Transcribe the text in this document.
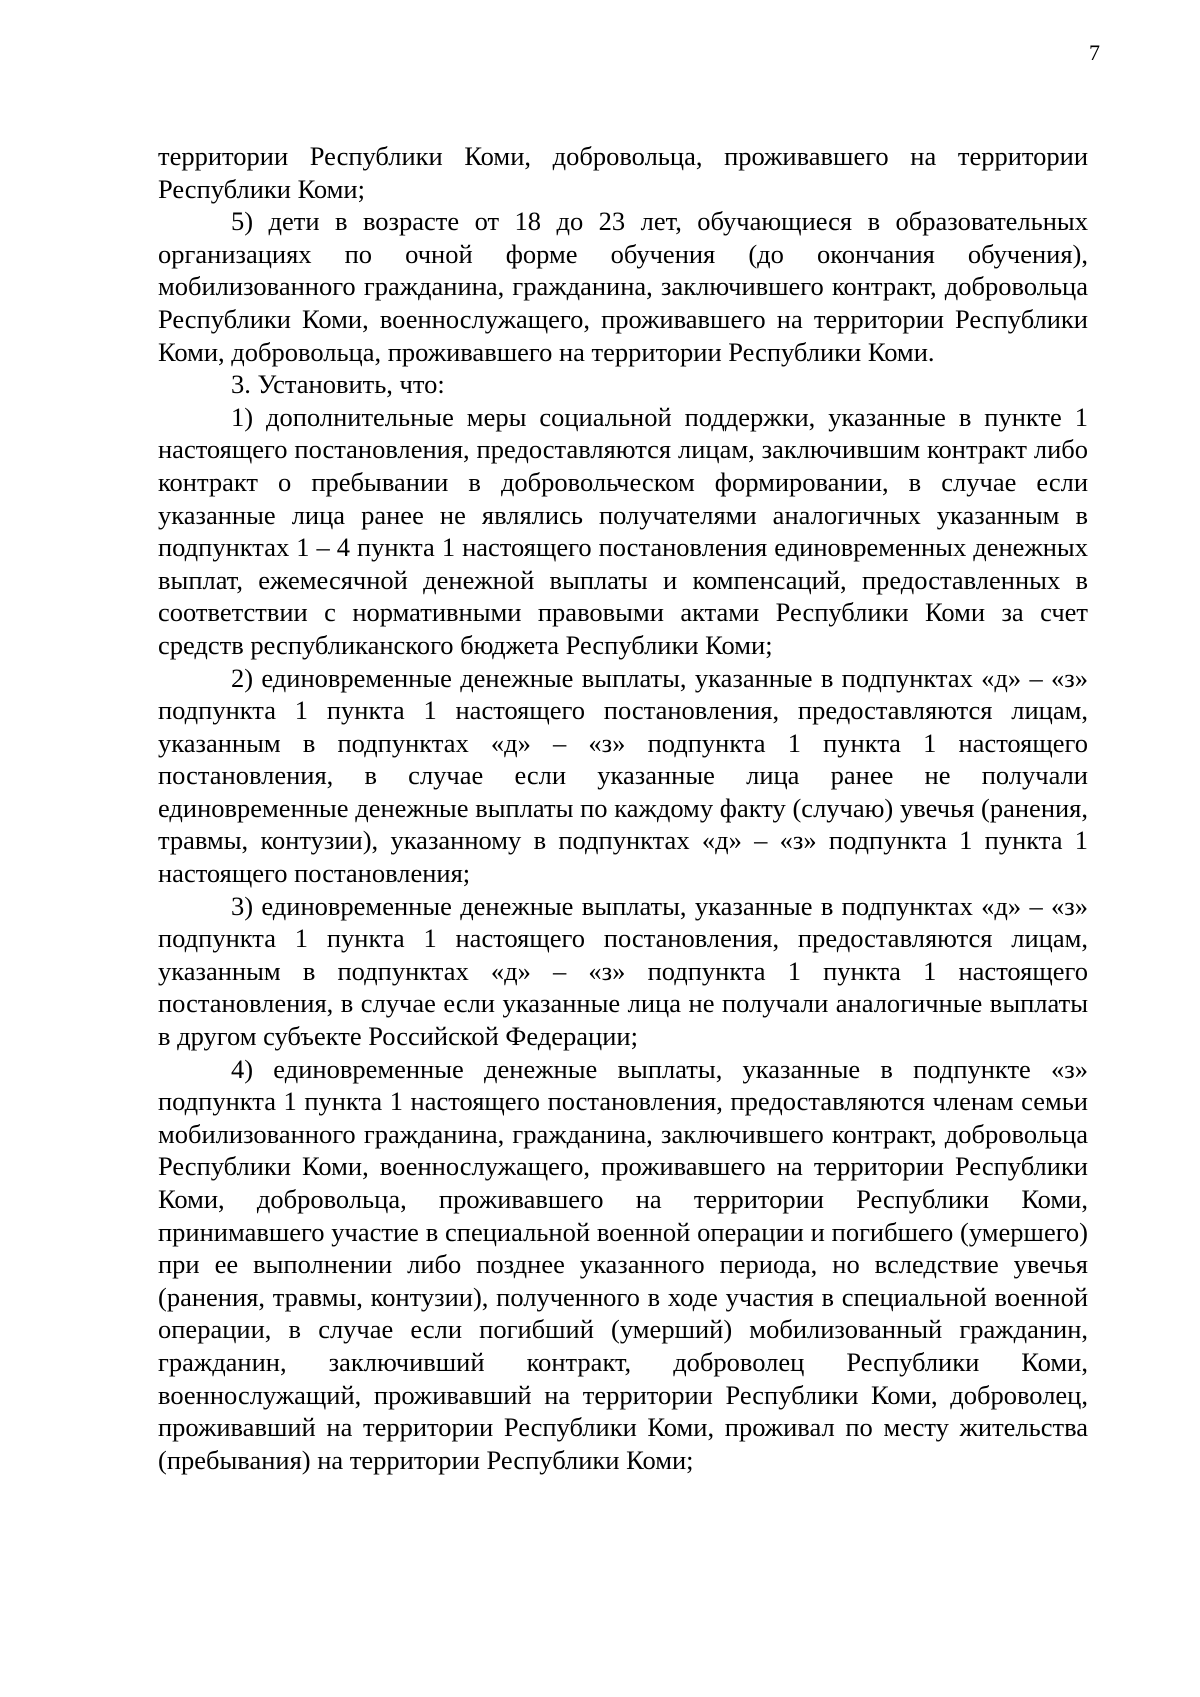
7

территории Республики Коми, добровольца, проживавшего на территории Республики Коми;

5) дети в возрасте от 18 до 23 лет, обучающиеся в образовательных организациях по очной форме обучения (до окончания обучения), мобилизованного гражданина, гражданина, заключившего контракт, добровольца Республики Коми, военнослужащего, проживавшего на территории Республики Коми, добровольца, проживавшего на территории Республики Коми.

3. Установить, что:

1) дополнительные меры социальной поддержки, указанные в пункте 1 настоящего постановления, предоставляются лицам, заключившим контракт либо контракт о пребывании в добровольческом формировании, в случае если указанные лица ранее не являлись получателями аналогичных указанным в подпунктах 1 – 4 пункта 1 настоящего постановления единовременных денежных выплат, ежемесячной денежной выплаты и компенсаций, предоставленных в соответствии с нормативными правовыми актами Республики Коми за счет средств республиканского бюджета Республики Коми;

2) единовременные денежные выплаты, указанные в подпунктах «д» – «з» подпункта 1 пункта 1 настоящего постановления, предоставляются лицам, указанным в подпунктах «д» – «з» подпункта 1 пункта 1 настоящего постановления, в случае если указанные лица ранее не получали единовременные денежные выплаты по каждому факту (случаю) увечья (ранения, травмы, контузии), указанному в подпунктах «д» – «з» подпункта 1 пункта 1 настоящего постановления;

3) единовременные денежные выплаты, указанные в подпунктах «д» – «з» подпункта 1 пункта 1 настоящего постановления, предоставляются лицам, указанным в подпунктах «д» – «з» подпункта 1 пункта 1 настоящего постановления, в случае если указанные лица не получали аналогичные выплаты в другом субъекте Российской Федерации;

4) единовременные денежные выплаты, указанные в подпункте «з» подпункта 1 пункта 1 настоящего постановления, предоставляются членам семьи мобилизованного гражданина, гражданина, заключившего контракт, добровольца Республики Коми, военнослужащего, проживавшего на территории Республики Коми, добровольца, проживавшего на территории Республики Коми, принимавшего участие в специальной военной операции и погибшего (умершего) при ее выполнении либо позднее указанного периода, но вследствие увечья (ранения, травмы, контузии), полученного в ходе участия в специальной военной операции, в случае если погибший (умерший) мобилизованный гражданин, гражданин, заключивший контракт, доброволец Республики Коми, военнослужащий, проживавший на территории Республики Коми, доброволец, проживавший на территории Республики Коми, проживал по месту жительства (пребывания) на территории Республики Коми;
